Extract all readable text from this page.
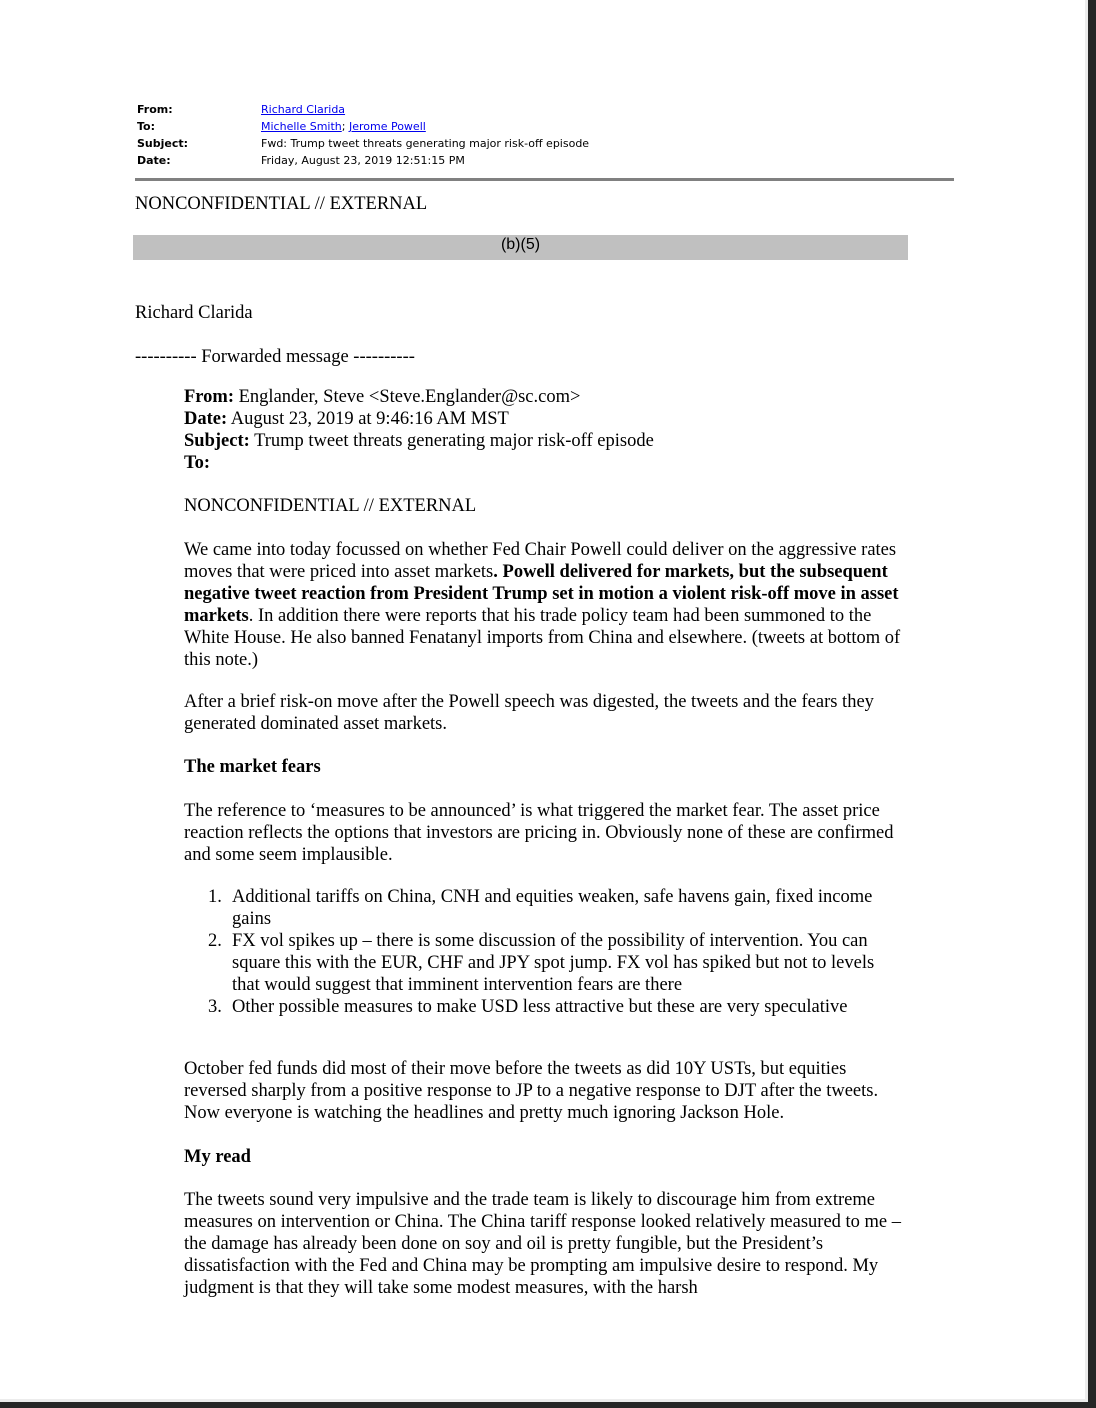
From:	Richard Clarida
To:	Michelle Smith; Jerome Powell
Subject:	Fwd: Trump tweet threats generating major risk-off episode
Date:	Friday, August 23, 2019 12:51:15 PM
NONCONFIDENTIAL // EXTERNAL
(b)(5)
Richard Clarida
---------- Forwarded message ----------

From: Englander, Steve <Steve.Englander@sc.com>

Date: August 23, 2019 at 9:46:16 AM MST

Subject: Trump tweet threats generating major risk-off episode

To:

NONCONFIDENTIAL // EXTERNAL

We came into today focussed on whether Fed Chair Powell could deliver on the aggressive rates moves that were priced into asset markets. Powell delivered for markets, but the subsequent negative tweet reaction from President Trump set in motion a violent risk-off move in asset markets. In addition there were reports that his trade policy team had been summoned to the White House. He also banned Fenatanyl imports from China and elsewhere. (tweets at bottom of this note.)

After a brief risk-on move after the Powell speech was digested, the tweets and the fears they generated dominated asset markets.
The market fears
The reference to ‘measures to be announced’ is what triggered the market fear. The asset price reaction reflects the options that investors are pricing in. Obviously none of these are confirmed and some seem implausible.
1. Additional tariffs on China, CNH and equities weaken, safe havens gain, fixed income gains
2. FX vol spikes up – there is some discussion of the possibility of intervention. You can square this with the EUR, CHF and JPY spot jump. FX vol has spiked but not to levels that would suggest that imminent intervention fears are there
3. Other possible measures to make USD less attractive but these are very speculative
October fed funds did most of their move before the tweets as did 10Y USTs, but equities reversed sharply from a positive response to JP to a negative response to DJT after the tweets. Now everyone is watching the headlines and pretty much ignoring Jackson Hole.
My read
The tweets sound very impulsive and the trade team is likely to discourage him from extreme measures on intervention or China. The China tariff response looked relatively measured to me – the damage has already been done on soy and oil is pretty fungible, but the President’s dissatisfaction with the Fed and China may be prompting am impulsive desire to respond. My judgment is that they will take some modest measures, with the harsh
